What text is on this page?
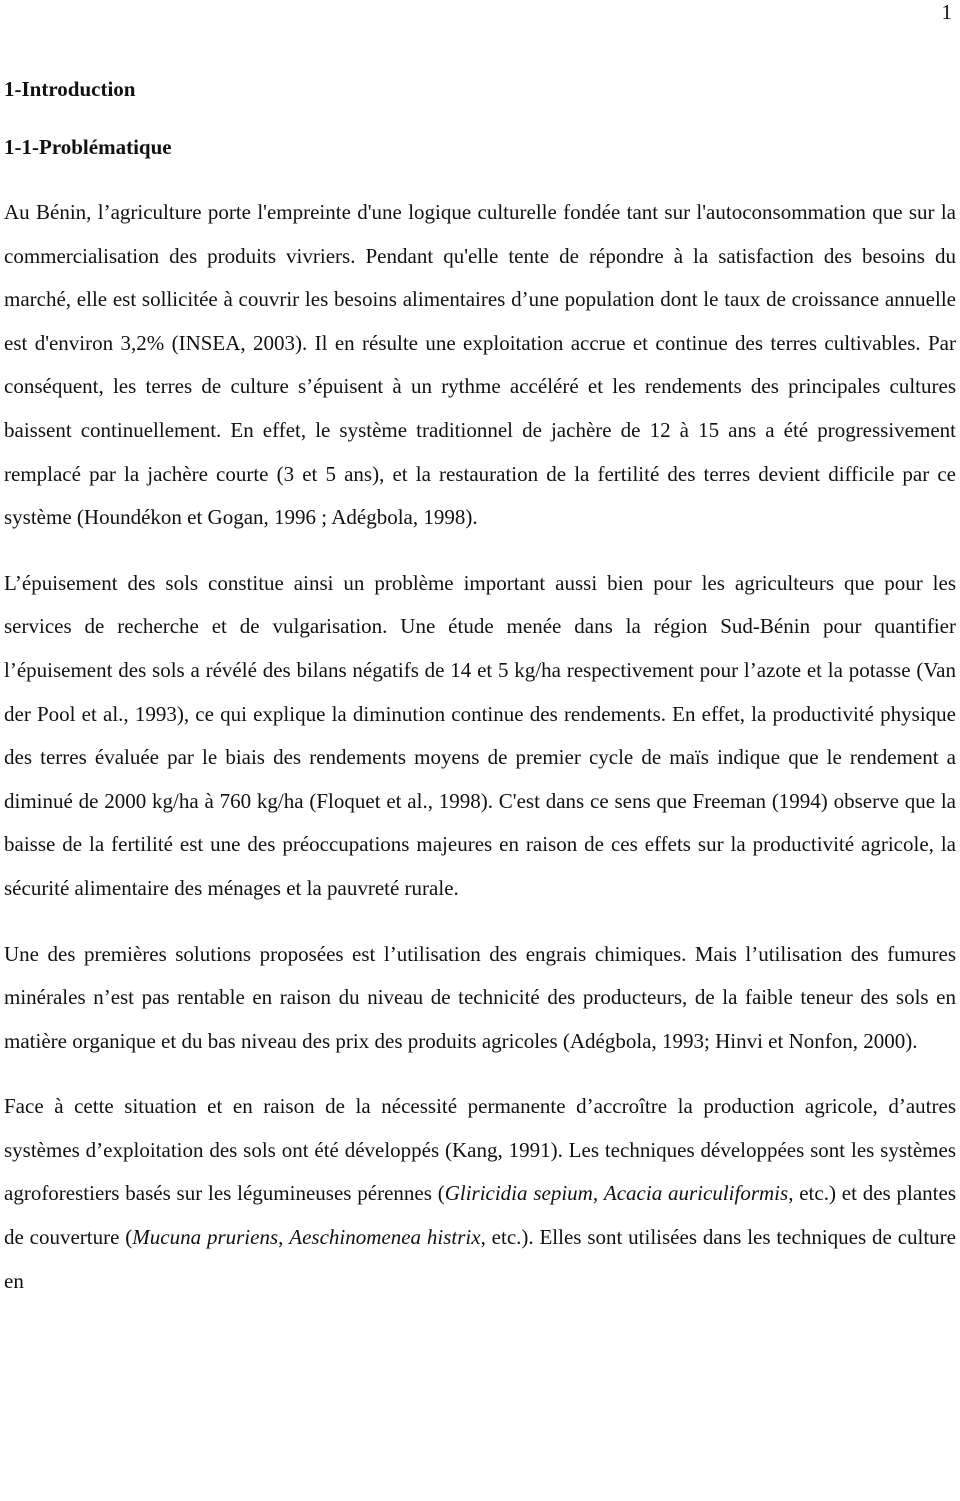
1
1-Introduction
1-1-Problématique

Au Bénin, l’agriculture porte l'empreinte d'une logique culturelle fondée tant sur l'autoconsommation que sur la commercialisation des produits vivriers. Pendant qu'elle tente de répondre à la satisfaction des besoins du marché, elle est sollicitée à couvrir les besoins alimentaires d’une population dont le taux de croissance annuelle est d'environ 3,2% (INSEA, 2003). Il en résulte une exploitation accrue et continue des terres cultivables. Par conséquent, les terres de culture s’épuisent à un rythme accéléré et les rendements des principales cultures baissent continuellement. En effet, le système traditionnel de jachère de 12 à 15 ans a été progressivement remplacé par la jachère courte (3 et 5 ans), et la restauration de la fertilité des terres devient difficile par ce système (Houndékon et Gogan, 1996 ; Adégbola, 1998).

L’épuisement des sols constitue ainsi un problème important aussi bien pour les agriculteurs que pour les services de recherche et de vulgarisation. Une étude menée dans la région Sud-Bénin pour quantifier l’épuisement des sols a révélé des bilans négatifs de 14 et 5 kg/ha respectivement pour l’azote et la potasse (Van der Pool et al., 1993), ce qui explique la diminution continue des rendements. En effet, la productivité physique des terres évaluée par le biais des rendements moyens de premier cycle de maïs indique que le rendement a diminué de 2000 kg/ha à 760 kg/ha (Floquet et al., 1998). C'est dans ce sens que Freeman (1994) observe que la baisse de la fertilité est une des préoccupations majeures en raison de ces effets sur la productivité agricole, la sécurité alimentaire des ménages et la pauvreté rurale.

Une des premières solutions proposées est l’utilisation des engrais chimiques. Mais l’utilisation des fumures minérales n’est pas rentable en raison du niveau de technicité des producteurs, de la faible teneur des sols en matière organique et du bas niveau des prix des produits agricoles (Adégbola, 1993; Hinvi et Nonfon, 2000).

Face à cette situation et en raison de la nécessité permanente d’accroître la production agricole, d’autres systèmes d’exploitation des sols ont été développés (Kang, 1991). Les techniques développées sont les systèmes agroforestiers basés sur les légumineuses pérennes (Gliricidia sepium, Acacia auriculiformis, etc.) et des plantes de couverture (Mucuna pruriens, Aeschinomenea histrix, etc.). Elles sont utilisées dans les techniques de culture en
